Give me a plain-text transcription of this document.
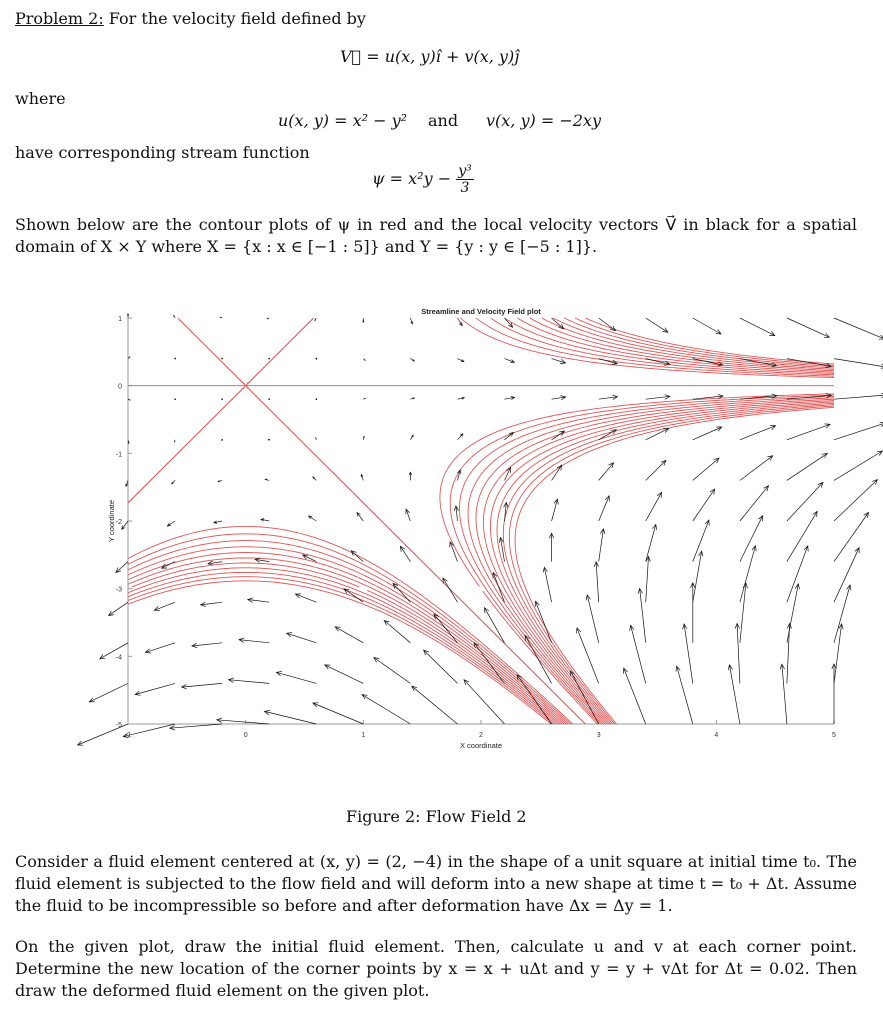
Problem 2: For the velocity field defined by
V⃗ = u(x, y)î + v(x, y)ĵ
where
u(x, y) = x² − y² and v(x, y) = −2xy
have corresponding stream function
$\psi = x^2y - \frac{\text{y³}}{3}$
Shown below are the contour plots of ψ in red and the local velocity vectors V⃗ in black for a spatial domain of X × Y where X = {x : x ∈ [−1 : 5]} and Y = {y : y ∈ [−5 : 1]}.
-1	0	1	2	3	4	5
1
0
-1
-2
-3
-4
-5
Streamline and Velocity Field plot
X coordinate
Y coordinate
Figure 2: Flow Field 2
Consider a fluid element centered at (x, y) = (2, −4) in the shape of a unit square at initial time t₀. The fluid element is subjected to the flow field and will deform into a new shape at time t = t₀ + Δt. Assume the fluid to be incompressible so before and after deformation have Δx = Δy = 1.
On the given plot, draw the initial fluid element. Then, calculate u and v at each corner point. Determine the new location of the corner points by x = x + uΔt and y = y + vΔt for Δt = 0.02. Then draw the deformed fluid element on the given plot.
